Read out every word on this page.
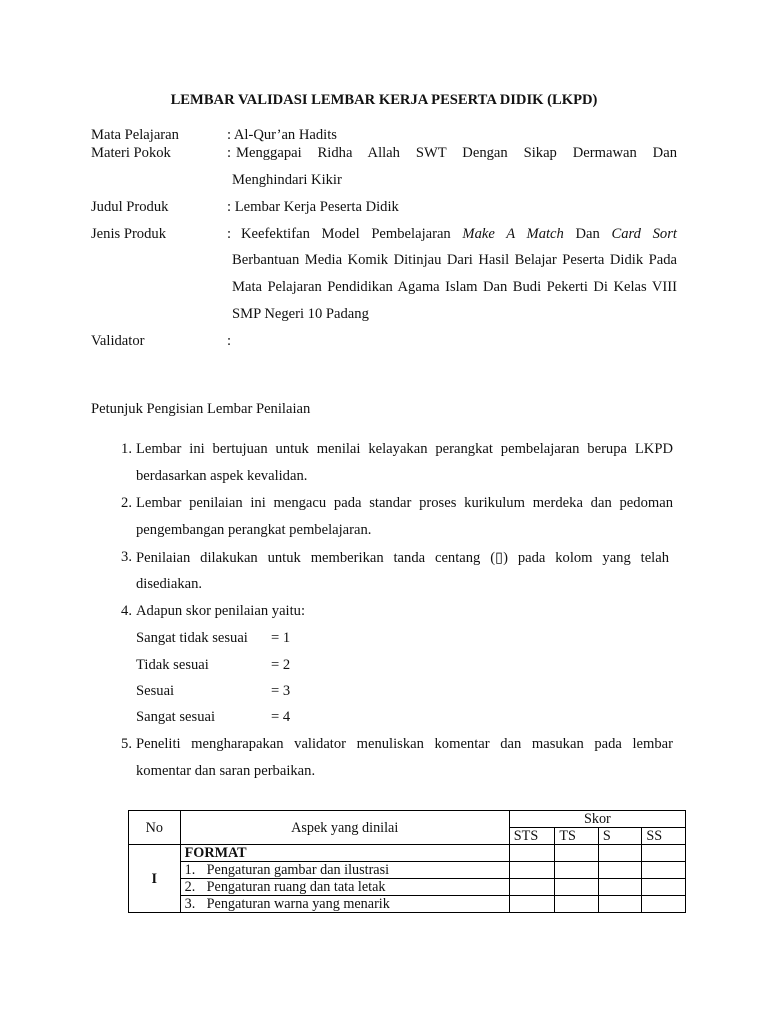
LEMBAR VALIDASI LEMBAR KERJA PESERTA DIDIK (LKPD)
Mata Pelajaran	: Al-Qur’an Hadits
Materi Pokok	: Menggapai Ridha Allah SWT Dengan Sikap Dermawan Dan
Menghindari Kikir
Judul Produk	: Lembar Kerja Peserta Didik
Jenis Produk	: Keefektifan Model Pembelajaran Make A Match Dan Card Sort
Berbantuan Media Komik Ditinjau Dari Hasil Belajar Peserta Didik Pada
Mata Pelajaran Pendidikan Agama Islam Dan Budi Pekerti Di Kelas VIII
SMP Negeri 10 Padang
Validator	:
Petunjuk Pengisian Lembar Penilaian
1. Lembar ini bertujuan untuk menilai kelayakan perangkat pembelajaran berupa LKPD
berdasarkan aspek kevalidan.
2. Lembar penilaian ini mengacu pada standar proses kurikulum merdeka dan pedoman
pengembangan perangkat pembelajaran.
3. Penilaian dilakukan untuk memberikan tanda centang (▯) pada kolom yang telah
disediakan.
4. Adapun skor penilaian yaitu:
Sangat tidak sesuai = 1
Tidak sesuai	= 2
Sesuai	= 3
Sangat sesuai	= 4
5. Peneliti mengharapakan validator menuliskan komentar dan masukan pada lembar
komentar dan saran perbaikan.
No	Aspek yang dinilai	Skor			
		STS	TS	S	SS
I	FORMAT				
	1. Pengaturan gambar dan ilustrasi				
	2. Pengaturan ruang dan tata letak				
	3. Pengaturan warna yang menarik				
